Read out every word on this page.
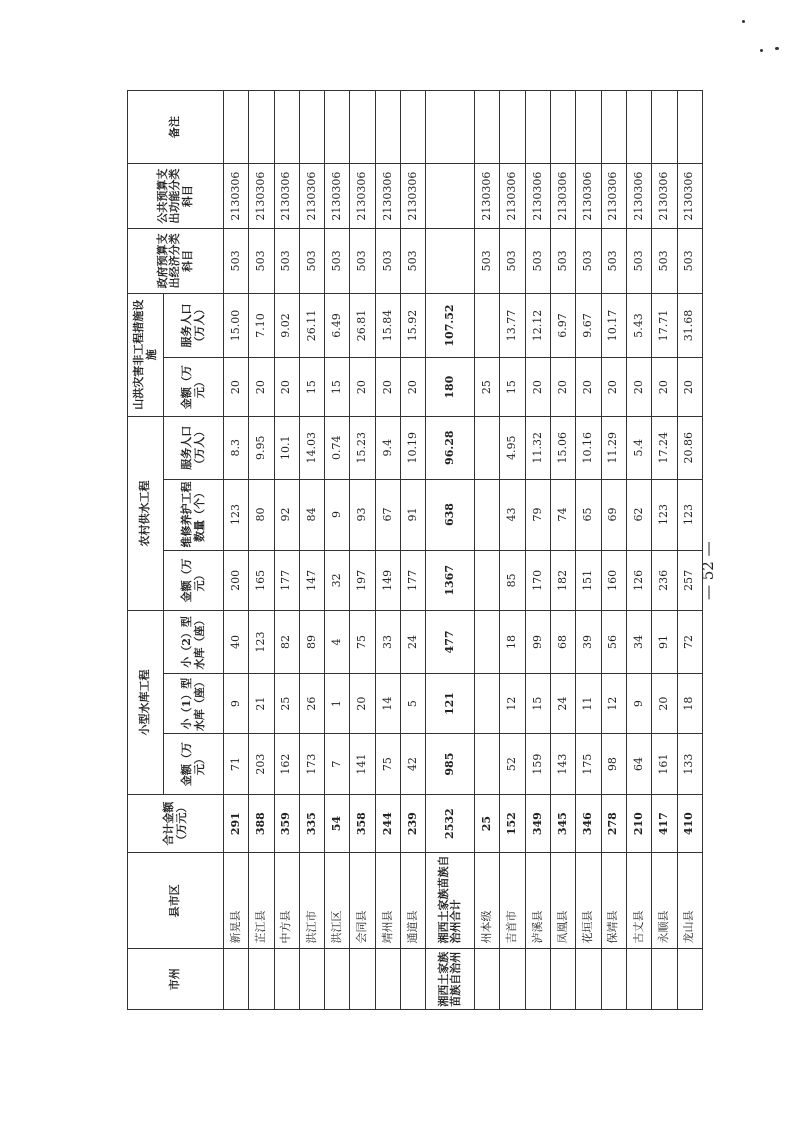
— 52 —
市州	县市区	合计金额（万元）	小型水库工程			农村供水工程			山洪灾害非工程措施设施		政府预算支出经济分类科目	公共预算支出功能分类科目	备注
			金额（万元）	小（1）型水库（座）	小（2）型水库（座）	金额（万元）	维修养护工程数量（个）	服务人口（万人）	金额（万元）	服务人口（万人）			
	新晃县	291	71	9	40	200	123	8.3	20	15.00	503	2130306	
	芷江县	388	203	21	123	165	80	9.95	20	7.10	503	2130306	
	中方县	359	162	25	82	177	92	10.1	20	9.02	503	2130306	
	洪江市	335	173	26	89	147	84	14.03	15	26.11	503	2130306	
	洪江区	54	7	1	4	32	9	0.74	15	6.49	503	2130306	
	会同县	358	141	20	75	197	93	15.23	20	26.81	503	2130306	
	靖州县	244	75	14	33	149	67	9.4	20	15.84	503	2130306	
	通道县	239	42	5	24	177	91	10.19	20	15.92	503	2130306	
湘西土家族苗族自治州	湘西土家族苗族自治州合计	2532	985	121	477	1367	638	96.28	180	107.52			
	州本级	25							25		503	2130306	
	吉首市	152	52	12	18	85	43	4.95	15	13.77	503	2130306	
	泸溪县	349	159	15	99	170	79	11.32	20	12.12	503	2130306	
	凤凰县	345	143	24	68	182	74	15.06	20	6.97	503	2130306	
	花垣县	346	175	11	39	151	65	10.16	20	9.67	503	2130306	
	保靖县	278	98	12	56	160	69	11.29	20	10.17	503	2130306	
	古丈县	210	64	9	34	126	62	5.4	20	5.43	503	2130306	
	永顺县	417	161	20	91	236	123	17.24	20	17.71	503	2130306	
	龙山县	410	133	18	72	257	123	20.86	20	31.68	503	2130306	
